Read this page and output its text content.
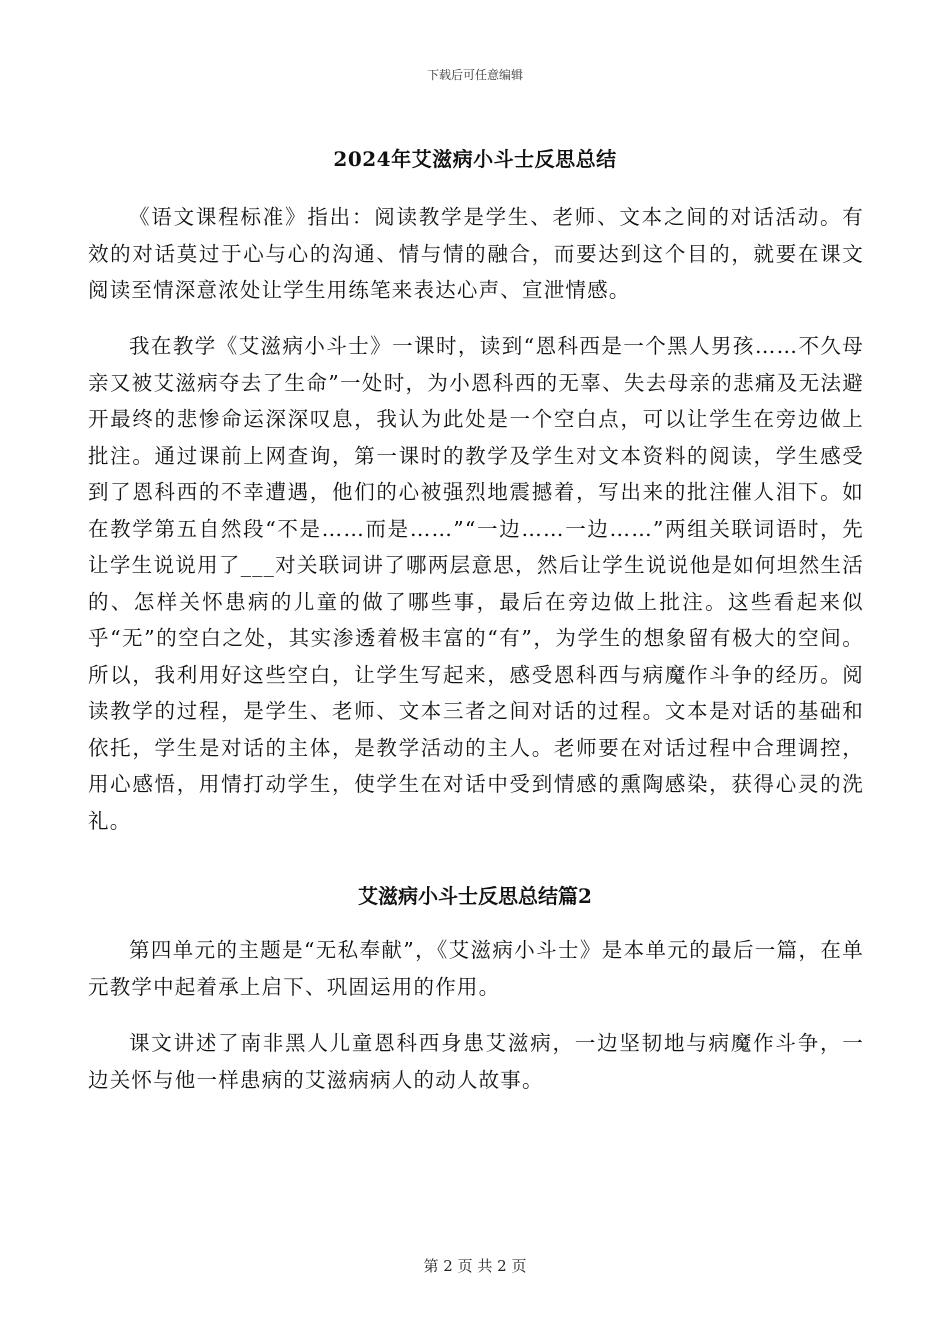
下载后可任意编辑
2024年艾滋病小斗士反思总结

《语文课程标准》指出：阅读教学是学生、老师、文本之间的对话活动。有效的对话莫过于心与心的沟通、情与情的融合，而要达到这个目的，就要在课文阅读至情深意浓处让学生用练笔来表达心声、宣泄情感。

我在教学《艾滋病小斗士》一课时，读到“恩科西是一个黑人男孩……不久母亲又被艾滋病夺去了生命”一处时，为小恩科西的无辜、失去母亲的悲痛及无法避开最终的悲惨命运深深叹息，我认为此处是一个空白点，可以让学生在旁边做上批注。通过课前上网查询，第一课时的教学及学生对文本资料的阅读，学生感受到了恩科西的不幸遭遇，他们的心被强烈地震撼着，写出来的批注催人泪下。如在教学第五自然段“不是……而是……”“一边……一边……”两组关联词语时，先让学生说说用了___对关联词讲了哪两层意思，然后让学生说说他是如何坦然生活的、怎样关怀患病的儿童的做了哪些事，最后在旁边做上批注。这些看起来似乎“无”的空白之处，其实渗透着极丰富的“有”，为学生的想象留有极大的空间。所以，我利用好这些空白，让学生写起来，感受恩科西与病魔作斗争的经历。阅读教学的过程，是学生、老师、文本三者之间对话的过程。文本是对话的基础和依托，学生是对话的主体，是教学活动的主人。老师要在对话过程中合理调控，用心感悟，用情打动学生，使学生在对话中受到情感的熏陶感染，获得心灵的洗礼。

艾滋病小斗士反思总结篇2

第四单元的主题是“无私奉献”，《艾滋病小斗士》是本单元的最后一篇，在单元教学中起着承上启下、巩固运用的作用。

课文讲述了南非黑人儿童恩科西身患艾滋病，一边坚韧地与病魔作斗争，一边关怀与他一样患病的艾滋病病人的动人故事。

第 2 页 共 2 页
